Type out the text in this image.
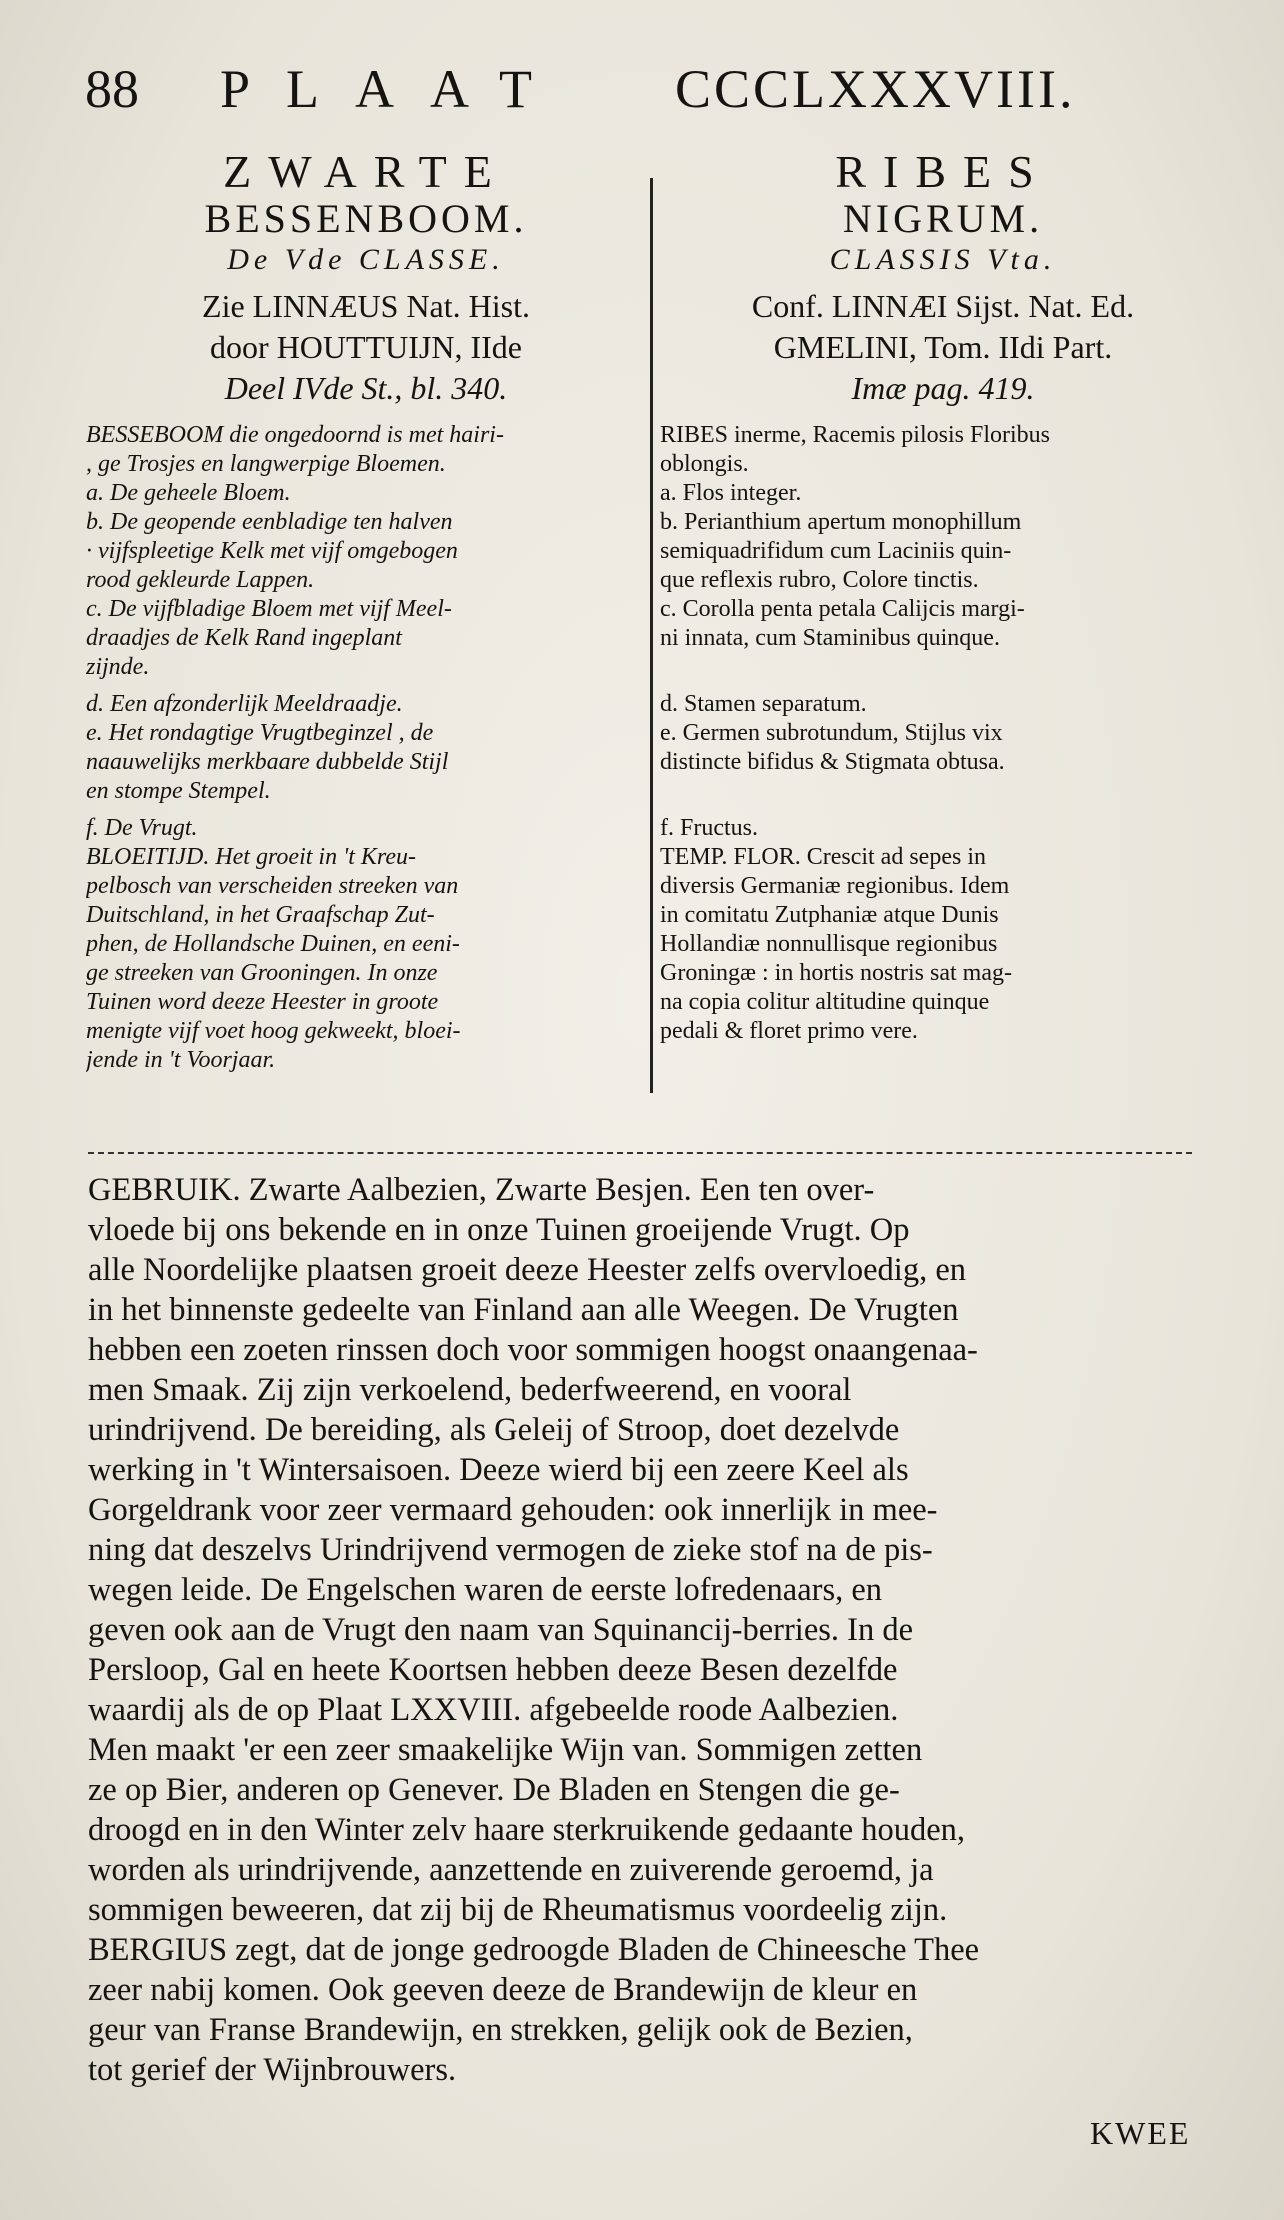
88 PLAAT CCCLXXXVIII.
ZWARTE
BESSENBOOM.
De Vde CLASSE.
Zie LINNÆUS Nat. Hist.
door HOUTTUIJN, IIde
Deel IVde St., bl. 340.
BESSEBOOM die ongedoornd is met hairi-
, ge Trosjes en langwerpige Bloemen.
a. De geheele Bloem.
b. De geopende eenbladige ten halven
· vijfspleetige Kelk met vijf omgebogen
rood gekleurde Lappen.
c. De vijfbladige Bloem met vijf Meel-
draadjes de Kelk Rand ingeplant
zijnde.
d. Een afzonderlijk Meeldraadje.
e. Het rondagtige Vrugtbeginzel , de
naauwelijks merkbaare dubbelde Stijl
en stompe Stempel.
f. De Vrugt.
BLOEITIJD. Het groeit in 't Kreu-
pelbosch van verscheiden streeken van
Duitschland, in het Graafschap Zut-
phen, de Hollandsche Duinen, en eeni-
ge streeken van Grooningen. In onze
Tuinen word deeze Heester in groote
menigte vijf voet hoog gekweekt, bloei-
jende in 't Voorjaar.
RIBES
NIGRUM.
CLASSIS Vta.
Conf. LINNÆI Sijst. Nat. Ed.
GMELINI, Tom. IIdi Part.
Imæ pag. 419.
RIBES inerme, Racemis pilosis Floribus
oblongis.
a. Flos integer.
b. Perianthium apertum monophillum
semiquadrifidum cum Laciniis quin-
que reflexis rubro, Colore tinctis.
c. Corolla penta petala Calijcis margi-
ni innata, cum Staminibus quinque.
d. Stamen separatum.
e. Germen subrotundum, Stijlus vix
distincte bifidus & Stigmata obtusa.
f. Fructus.
TEMP. FLOR. Crescit ad sepes in
diversis Germaniæ regionibus. Idem
in comitatu Zutphaniæ atque Dunis
Hollandiæ nonnullisque regionibus
Groningæ : in hortis nostris sat mag-
na copia colitur altitudine quinque
pedali & floret primo vere.
GEBRUIK. Zwarte Aalbezien, Zwarte Besjen. Een ten over-
vloede bij ons bekende en in onze Tuinen groeijende Vrugt. Op
alle Noordelijke plaatsen groeit deeze Heester zelfs overvloedig, en
in het binnenste gedeelte van Finland aan alle Weegen. De Vrugten
hebben een zoeten rinssen doch voor sommigen hoogst onaangenaa-
men Smaak. Zij zijn verkoelend, bederfweerend, en vooral
urindrijvend. De bereiding, als Geleij of Stroop, doet dezelvde
werking in 't Wintersaisoen. Deeze wierd bij een zeere Keel als
Gorgeldrank voor zeer vermaard gehouden: ook innerlijk in mee-
ning dat deszelvs Urindrijvend vermogen de zieke stof na de pis-
wegen leide. De Engelschen waren de eerste lofredenaars, en
geven ook aan de Vrugt den naam van Squinancij-berries. In de
Persloop, Gal en heete Koortsen hebben deeze Besen dezelfde
waardij als de op Plaat LXXVIII. afgebeelde roode Aalbezien.
Men maakt 'er een zeer smaakelijke Wijn van. Sommigen zetten
ze op Bier, anderen op Genever. De Bladen en Stengen die ge-
droogd en in den Winter zelv haare sterkruikende gedaante houden,
worden als urindrijvende, aanzettende en zuiverende geroemd, ja
sommigen beweeren, dat zij bij de Rheumatismus voordeelig zijn.
BERGIUS zegt, dat de jonge gedroogde Bladen de Chineesche Thee
zeer nabij komen. Ook geeven deeze de Brandewijn de kleur en
geur van Franse Brandewijn, en strekken, gelijk ook de Bezien,
tot gerief der Wijnbrouwers.
KWEE
